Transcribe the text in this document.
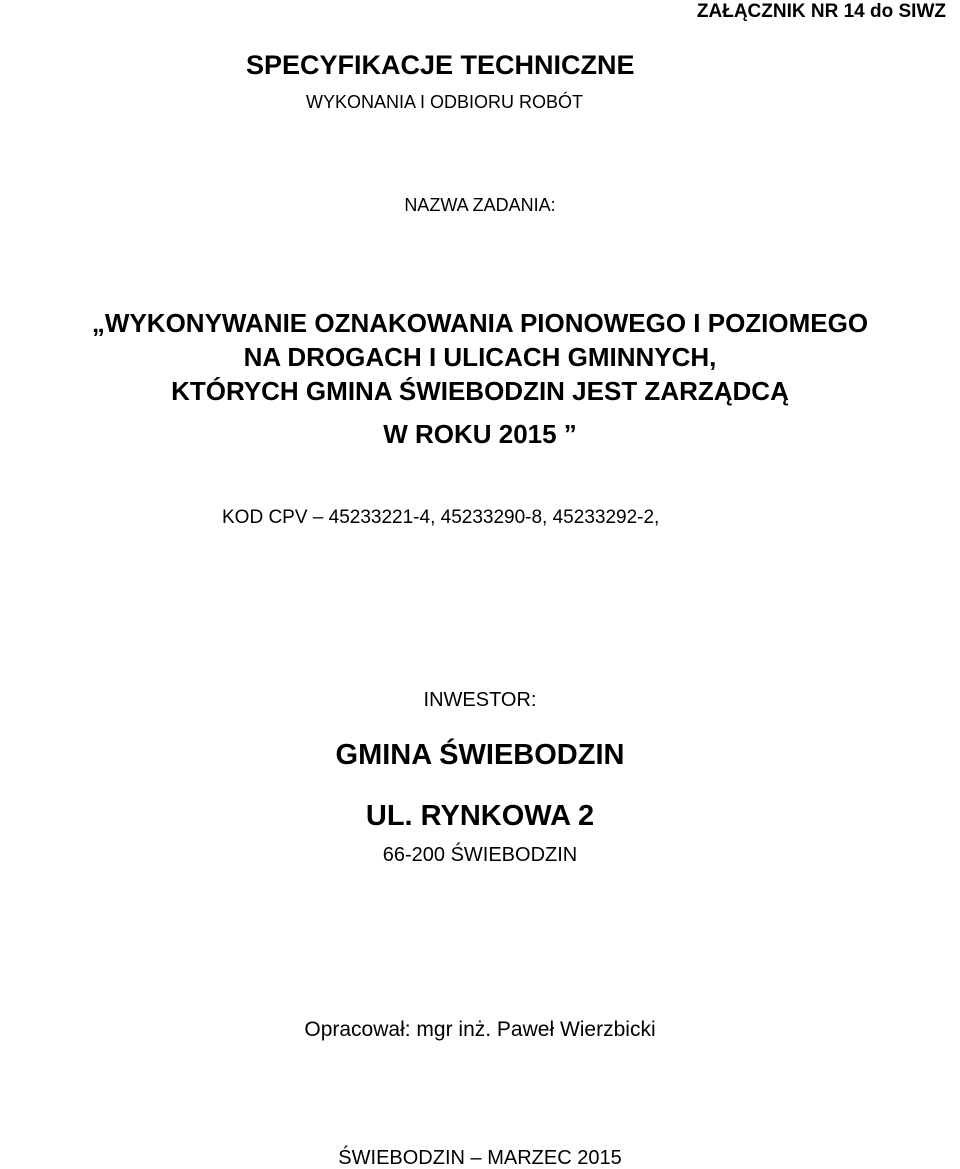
ZAŁĄCZNIK NR 14 do SIWZ
SPECYFIKACJE TECHNICZNE
WYKONANIA I ODBIORU ROBÓT
NAZWA ZADANIA:
„WYKONYWANIE OZNAKOWANIA PIONOWEGO I POZIOMEGO
NA DROGACH I ULICACH GMINNYCH,
KTÓRYCH GMINA ŚWIEBODZIN JEST ZARZĄDCĄ
W ROKU 2015 ”
KOD CPV – 45233221-4, 45233290-8, 45233292-2,
INWESTOR:
GMINA ŚWIEBODZIN
UL. RYNKOWA 2
66-200 ŚWIEBODZIN
Opracował: mgr inż. Paweł Wierzbicki
ŚWIEBODZIN – MARZEC 2015
